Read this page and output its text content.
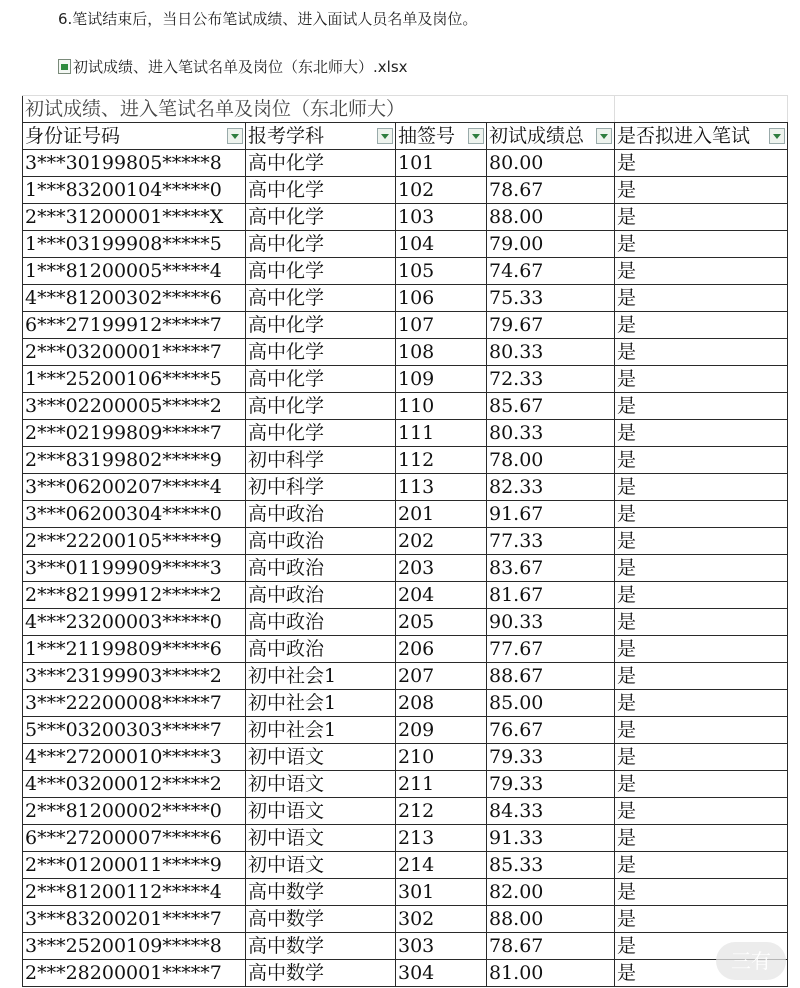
6.笔试结束后，当日公布笔试成绩、进入面试人员名单及岗位。
初试成绩、进入笔试名单及岗位（东北师大）.xlsx
初试成绩、进入笔试名单及岗位（东北师大）				
身份证号码	报考学科	抽签号	初试成绩总	是否拟进入笔试

3***30199805*****8	高中化学	101	80.00	是
1***83200104*****0	高中化学	102	78.67	是
2***31200001*****X	高中化学	103	88.00	是
1***03199908*****5	高中化学	104	79.00	是
1***81200005*****4	高中化学	105	74.67	是
4***81200302*****6	高中化学	106	75.33	是
6***27199912*****7	高中化学	107	79.67	是
2***03200001*****7	高中化学	108	80.33	是
1***25200106*****5	高中化学	109	72.33	是
3***02200005*****2	高中化学	110	85.67	是
2***02199809*****7	高中化学	111	80.33	是
2***83199802*****9	初中科学	112	78.00	是
3***06200207*****4	初中科学	113	82.33	是
3***06200304*****0	高中政治	201	91.67	是
2***22200105*****9	高中政治	202	77.33	是
3***01199909*****3	高中政治	203	83.67	是
2***82199912*****2	高中政治	204	81.67	是
4***23200003*****0	高中政治	205	90.33	是
1***21199809*****6	高中政治	206	77.67	是
3***23199903*****2	初中社会1	207	88.67	是
3***22200008*****7	初中社会1	208	85.00	是
5***03200303*****7	初中社会1	209	76.67	是
4***27200010*****3	初中语文	210	79.33	是
4***03200012*****2	初中语文	211	79.33	是
2***81200002*****0	初中语文	212	84.33	是
6***27200007*****6	初中语文	213	91.33	是
2***01200011*****9	初中语文	214	85.33	是
2***81200112*****4	高中数学	301	82.00	是
3***83200201*****7	高中数学	302	88.00	是
3***25200109*****8	高中数学	303	78.67	是
2***28200001*****7	高中数学	304	81.00	是	三有
